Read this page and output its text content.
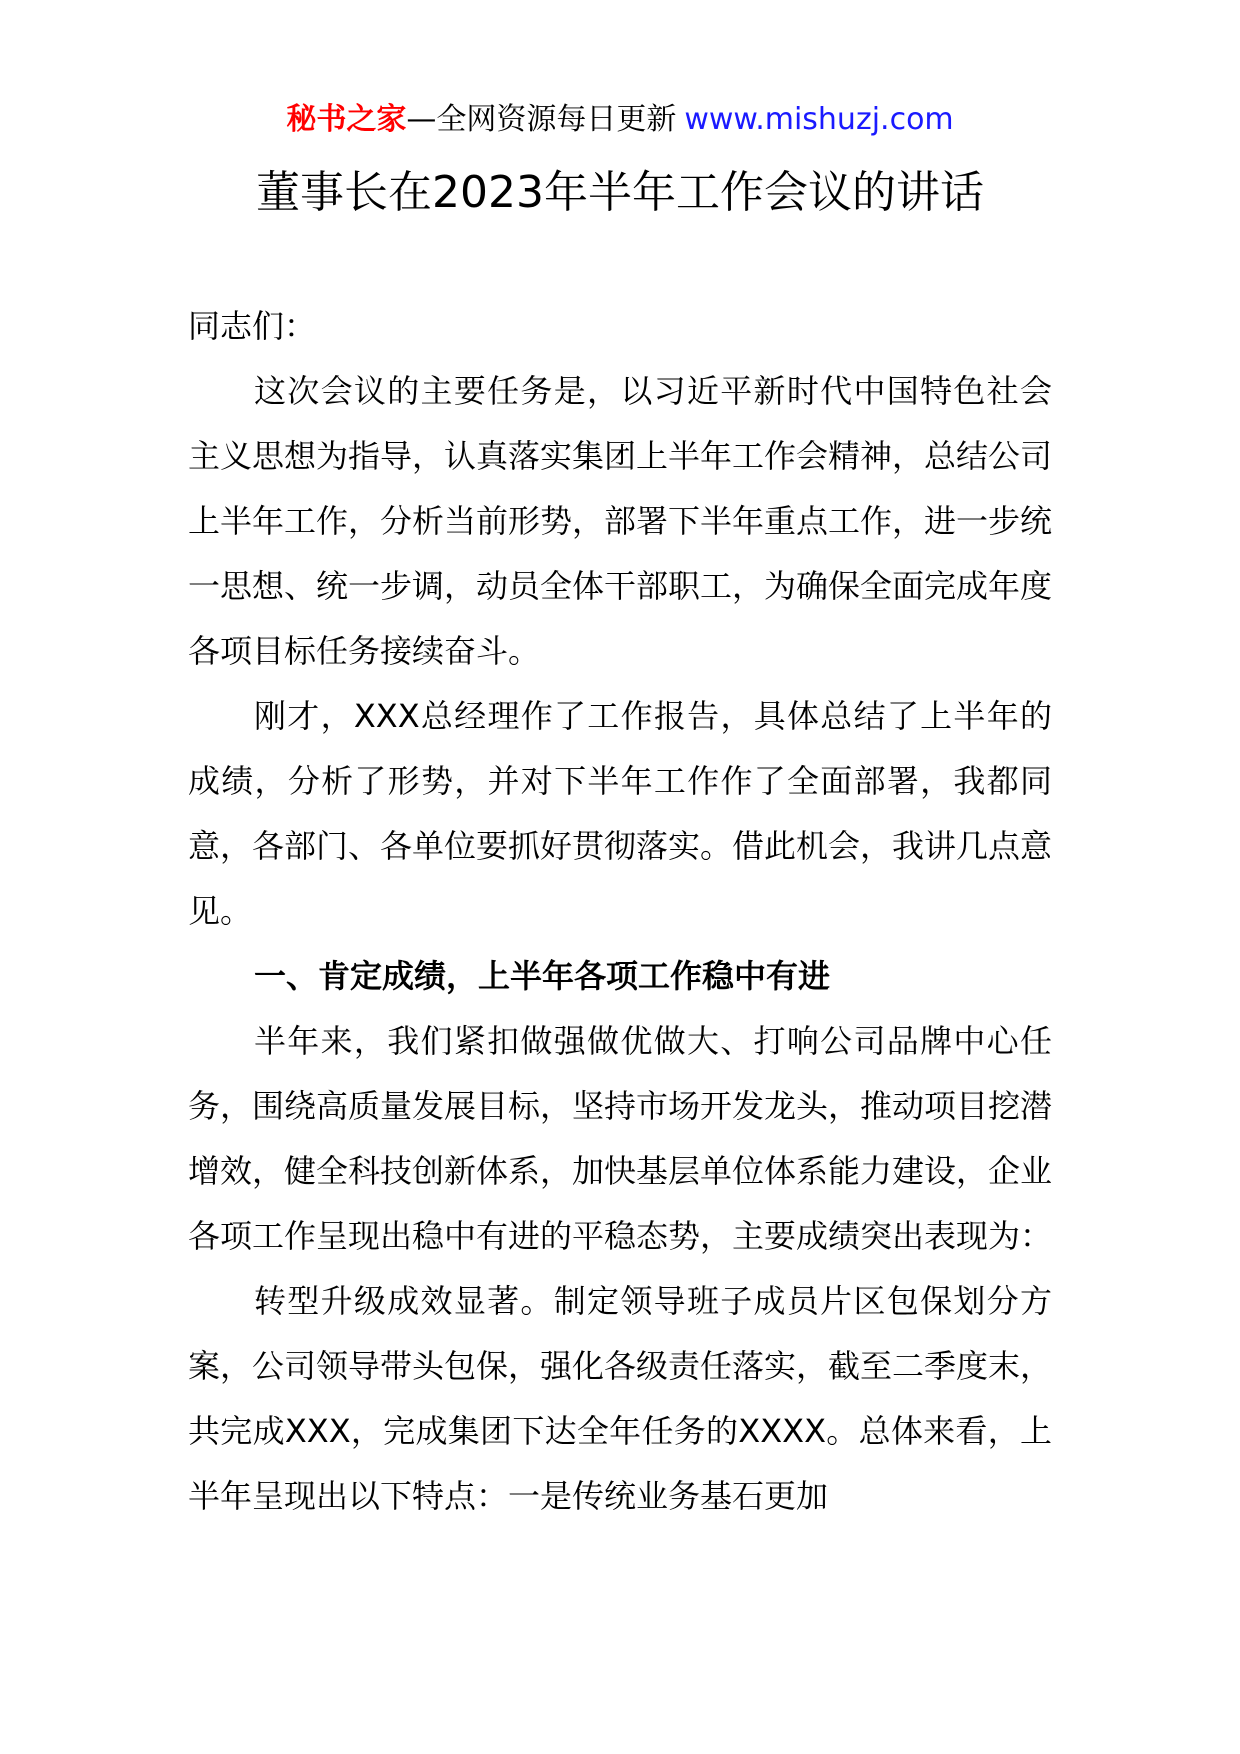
秘书之家—全网资源每日更新 www.mishuzj.com
董事长在2023年半年工作会议的讲话

同志们：

这次会议的主要任务是，以习近平新时代中国特色社会主义思想为指导，认真落实集团上半年工作会精神，总结公司上半年工作，分析当前形势，部署下半年重点工作，进一步统一思想、统一步调，动员全体干部职工，为确保全面完成年度各项目标任务接续奋斗。

刚才，XXX总经理作了工作报告，具体总结了上半年的成绩，分析了形势，并对下半年工作作了全面部署，我都同意，各部门、各单位要抓好贯彻落实。借此机会，我讲几点意见。

一、肯定成绩，上半年各项工作稳中有进

半年来，我们紧扣做强做优做大、打响公司品牌中心任务，围绕高质量发展目标，坚持市场开发龙头，推动项目挖潜增效，健全科技创新体系，加快基层单位体系能力建设，企业各项工作呈现出稳中有进的平稳态势，主要成绩突出表现为：

转型升级成效显著。制定领导班子成员片区包保划分方案，公司领导带头包保，强化各级责任落实，截至二季度末，共完成XXX，完成集团下达全年任务的XXXX。总体来看，上半年呈现出以下特点：一是传统业务基石更加
